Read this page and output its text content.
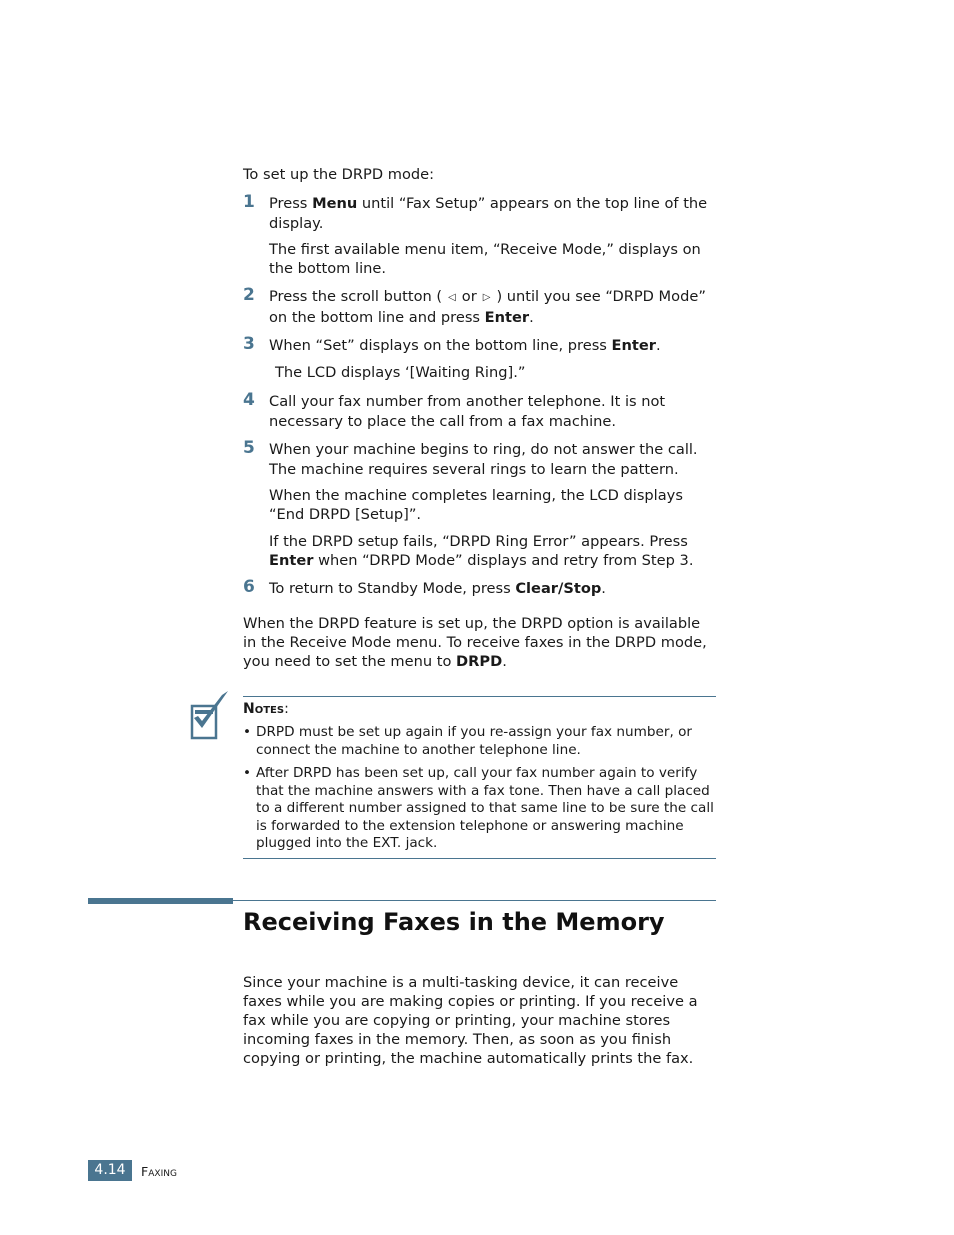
To set up the DRPD mode:
1 Press Menu until “Fax Setup” appears on the top line of the display.
The first available menu item, “Receive Mode,” displays on the bottom line.
2 Press the scroll button ( ◁ or ▷ ) until you see “DRPD Mode” on the bottom line and press Enter.
3 When “Set” displays on the bottom line, press Enter.
The LCD displays ‘[Waiting Ring].”
4 Call your fax number from another telephone. It is not necessary to place the call from a fax machine.
5 When your machine begins to ring, do not answer the call. The machine requires several rings to learn the pattern.
When the machine completes learning, the LCD displays “End DRPD [Setup]”.
If the DRPD setup fails, “DRPD Ring Error” appears. Press Enter when “DRPD Mode” displays and retry from Step 3.
6 To return to Standby Mode, press Clear/Stop.
When the DRPD feature is set up, the DRPD option is available in the Receive Mode menu. To receive faxes in the DRPD mode, you need to set the menu to DRPD.
Notes:
• DRPD must be set up again if you re-assign your fax number, or connect the machine to another telephone line.
• After DRPD has been set up, call your fax number again to verify that the machine answers with a fax tone. Then have a call placed to a different number assigned to that same line to be sure the call is forwarded to the extension telephone or answering machine plugged into the EXT. jack.
Receiving Faxes in the Memory
Since your machine is a multi-tasking device, it can receive faxes while you are making copies or printing. If you receive a fax while you are copying or printing, your machine stores incoming faxes in the memory. Then, as soon as you finish copying or printing, the machine automatically prints the fax.
4.14	Faxing
